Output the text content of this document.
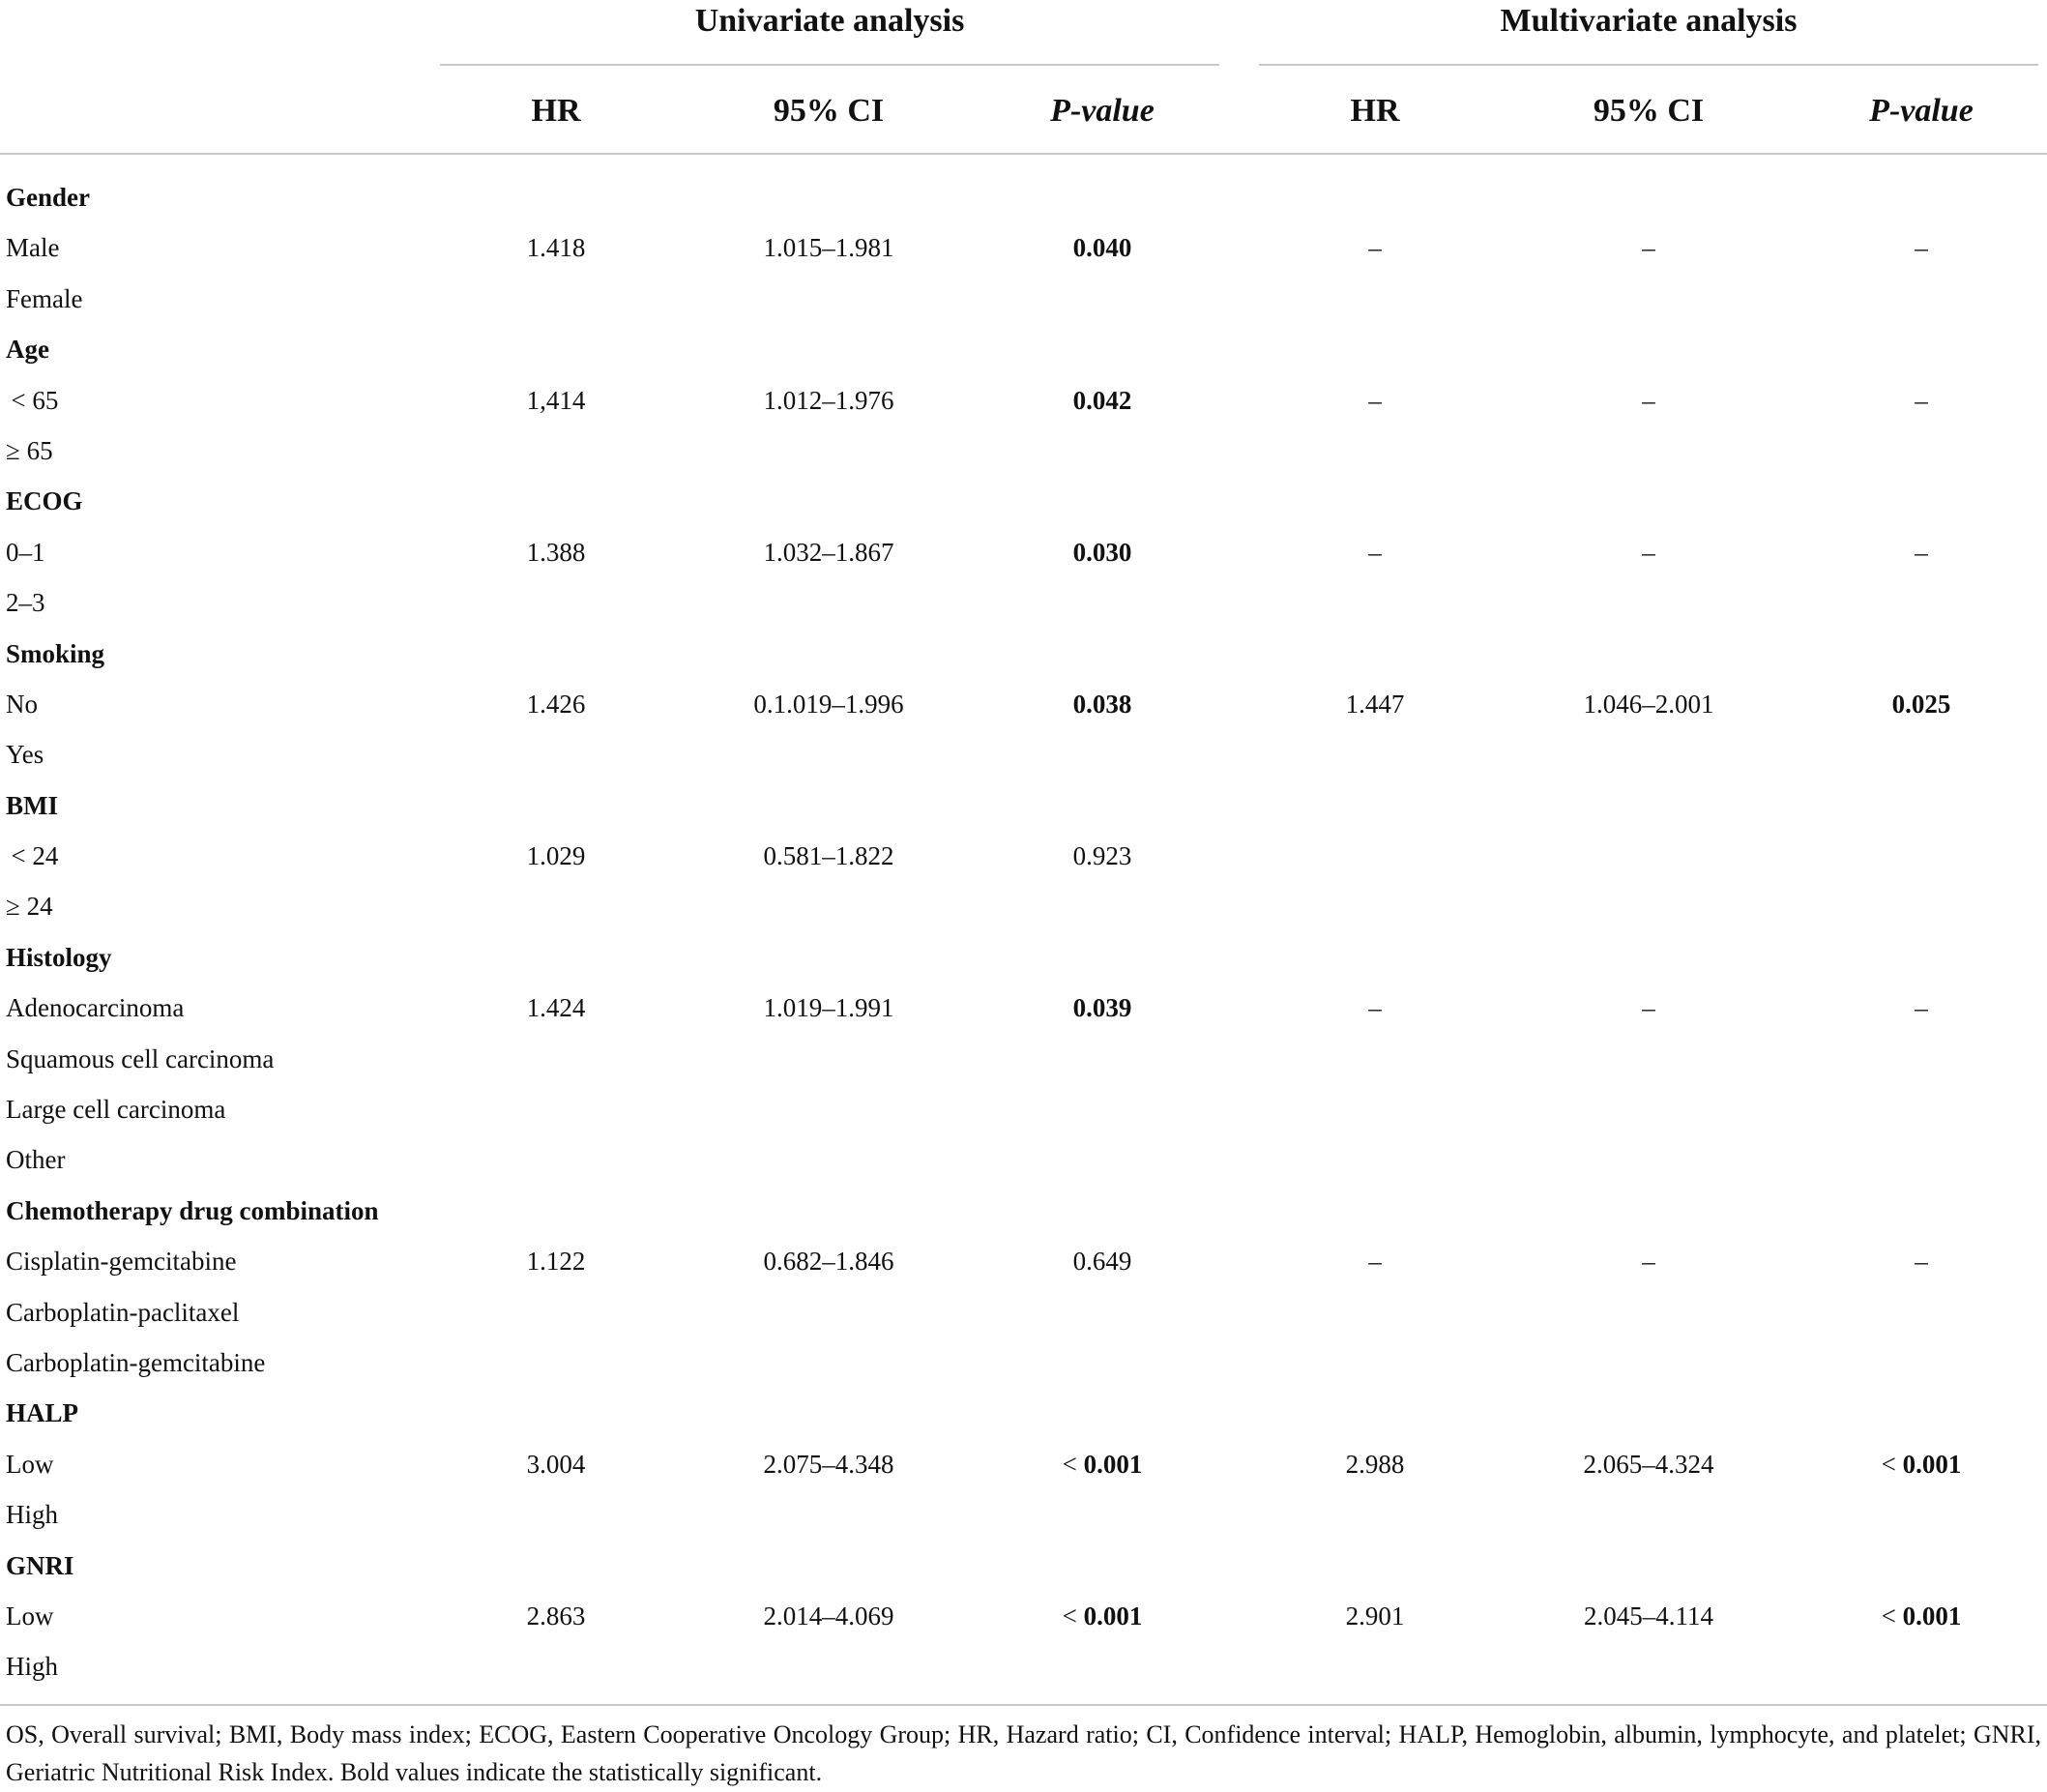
Univariate analysis	Multivariate analysis
HR	95% CI	P-value	HR	95% CI	P-value
Gender
Male	1.418	1.015–1.981	0.040	–	–	–
Female
Age
 < 65	1,414	1.012–1.976	0.042	–	–	–
≥ 65
ECOG
0–1	1.388	1.032–1.867	0.030	–	–	–
2–3
Smoking
No	1.426	0.1.019–1.996	0.038	1.447	1.046–2.001	0.025
Yes
BMI
 < 24	1.029	0.581–1.822	0.923
≥ 24
Histology
Adenocarcinoma	1.424	1.019–1.991	0.039	–	–	–
Squamous cell carcinoma
Large cell carcinoma
Other
Chemotherapy drug combination
Cisplatin-gemcitabine	1.122	0.682–1.846	0.649	–	–	–
Carboplatin-paclitaxel
Carboplatin-gemcitabine
HALP
Low	3.004	2.075–4.348	< 0.001	2.988	2.065–4.324	< 0.001
High
GNRI
Low	2.863	2.014–4.069	< 0.001	2.901	2.045–4.114	< 0.001
High
OS, Overall survival; BMI, Body mass index; ECOG, Eastern Cooperative Oncology Group; HR, Hazard ratio; CI, Confidence interval; HALP, Hemoglobin, albumin, lymphocyte, and platelet; GNRI, Geriatric Nutritional Risk Index. Bold values indicate the statistically significant.
